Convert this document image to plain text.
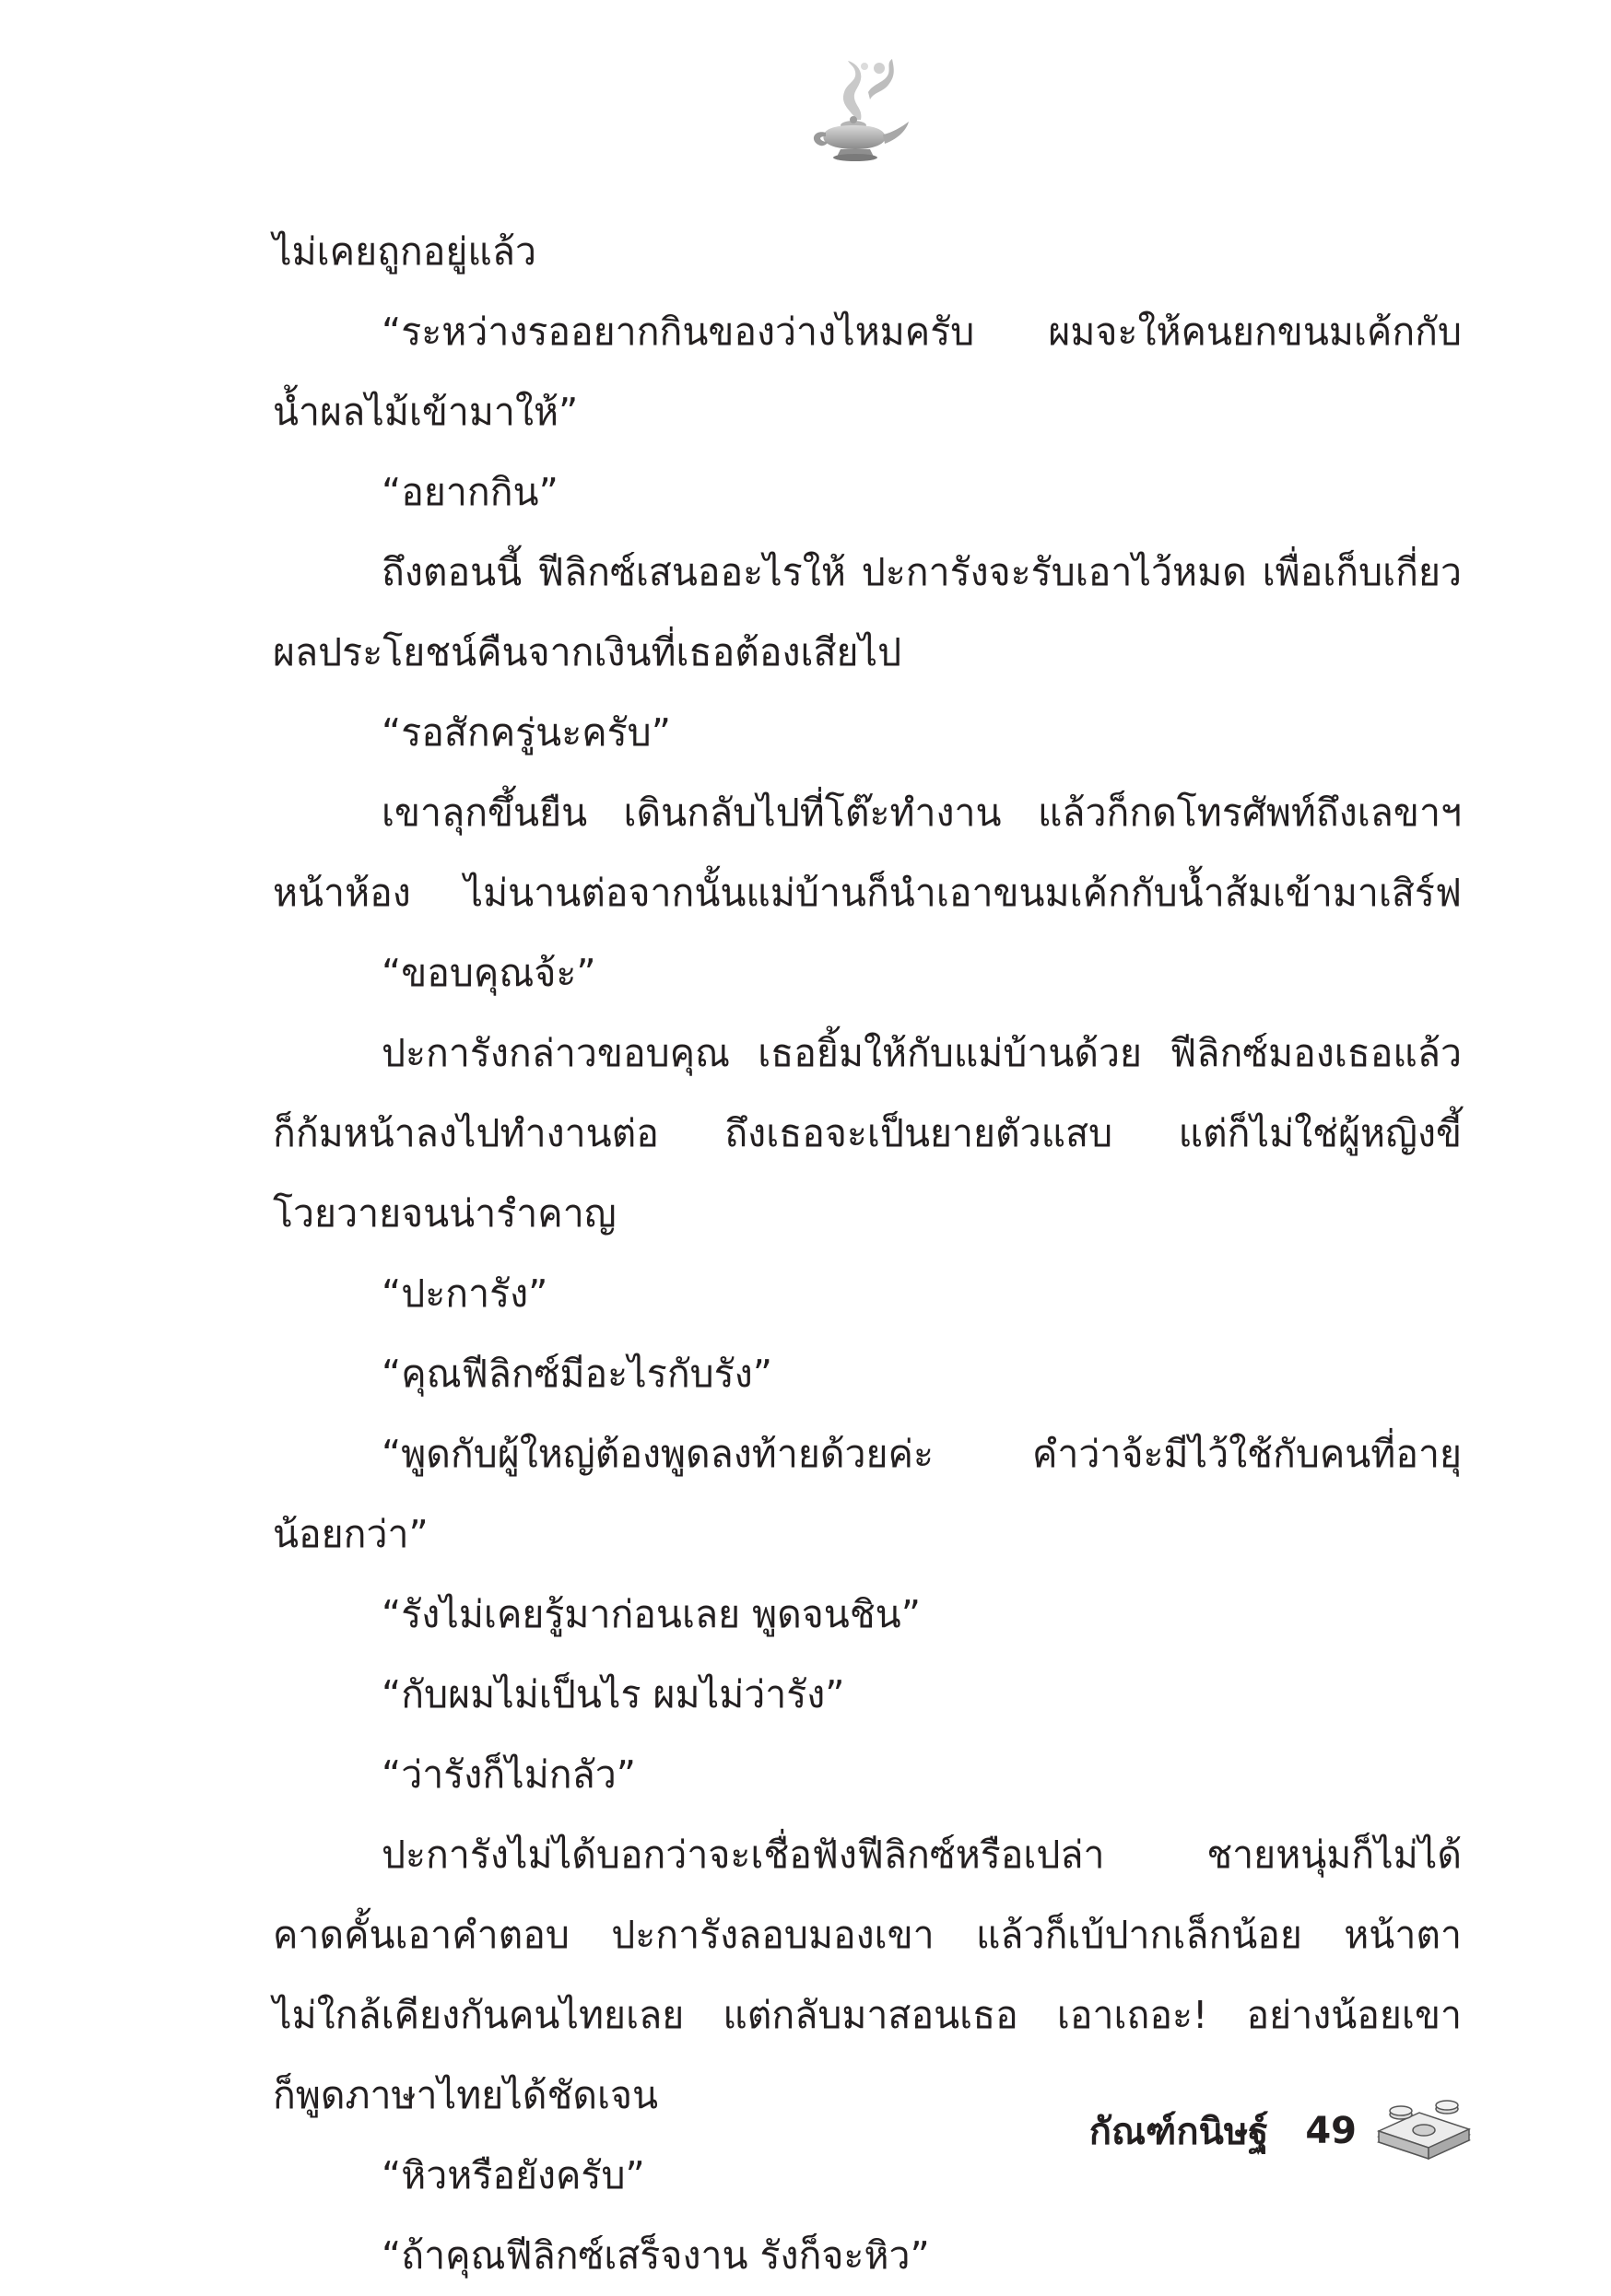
ไม่เคยถูกอยู่แล้ว
“ระหว่างรออยากกินของว่างไหมครับ ผมจะให้คนยกขนมเค้กกับ
น้ำผลไม้เข้ามาให้”
“อยากกิน”
ถึงตอนนี้ ฟีลิกซ์เสนออะไรให้ ปะการังจะรับเอาไว้หมด เพื่อเก็บเกี่ยว
ผลประโยชน์คืนจากเงินที่เธอต้องเสียไป
“รอสักครู่นะครับ”
เขาลุกขึ้นยืน เดินกลับไปที่โต๊ะทำงาน แล้วก็กดโทรศัพท์ถึงเลขาฯ
หน้าห้อง ไม่นานต่อจากนั้นแม่บ้านก็นำเอาขนมเค้กกับน้ำส้มเข้ามาเสิร์ฟ
“ขอบคุณจ้ะ”
ปะการังกล่าวขอบคุณ เธอยิ้มให้กับแม่บ้านด้วย ฟีลิกซ์มองเธอแล้ว
ก็ก้มหน้าลงไปทำงานต่อ ถึงเธอจะเป็นยายตัวแสบ แต่ก็ไม่ใช่ผู้หญิงขี้
โวยวายจนน่ารำคาญ
“ปะการัง”
“คุณฟีลิกซ์มีอะไรกับรัง”
“พูดกับผู้ใหญ่ต้องพูดลงท้ายด้วยค่ะ คำว่าจ้ะมีไว้ใช้กับคนที่อายุ
น้อยกว่า”
“รังไม่เคยรู้มาก่อนเลย พูดจนชิน”
“กับผมไม่เป็นไร ผมไม่ว่ารัง”
“ว่ารังก็ไม่กลัว”
ปะการังไม่ได้บอกว่าจะเชื่อฟังฟีลิกซ์หรือเปล่า ชายหนุ่มก็ไม่ได้
คาดคั้นเอาคำตอบ ปะการังลอบมองเขา แล้วก็เบ้ปากเล็กน้อย หน้าตา
ไม่ใกล้เคียงกันคนไทยเลย แต่กลับมาสอนเธอ เอาเถอะ! อย่างน้อยเขา
ก็พูดภาษาไทยได้ชัดเจน
“หิวหรือยังครับ”
“ถ้าคุณฟีลิกซ์เสร็จงาน รังก็จะหิว”
กัณฑ์กนิษฐ์ 49
